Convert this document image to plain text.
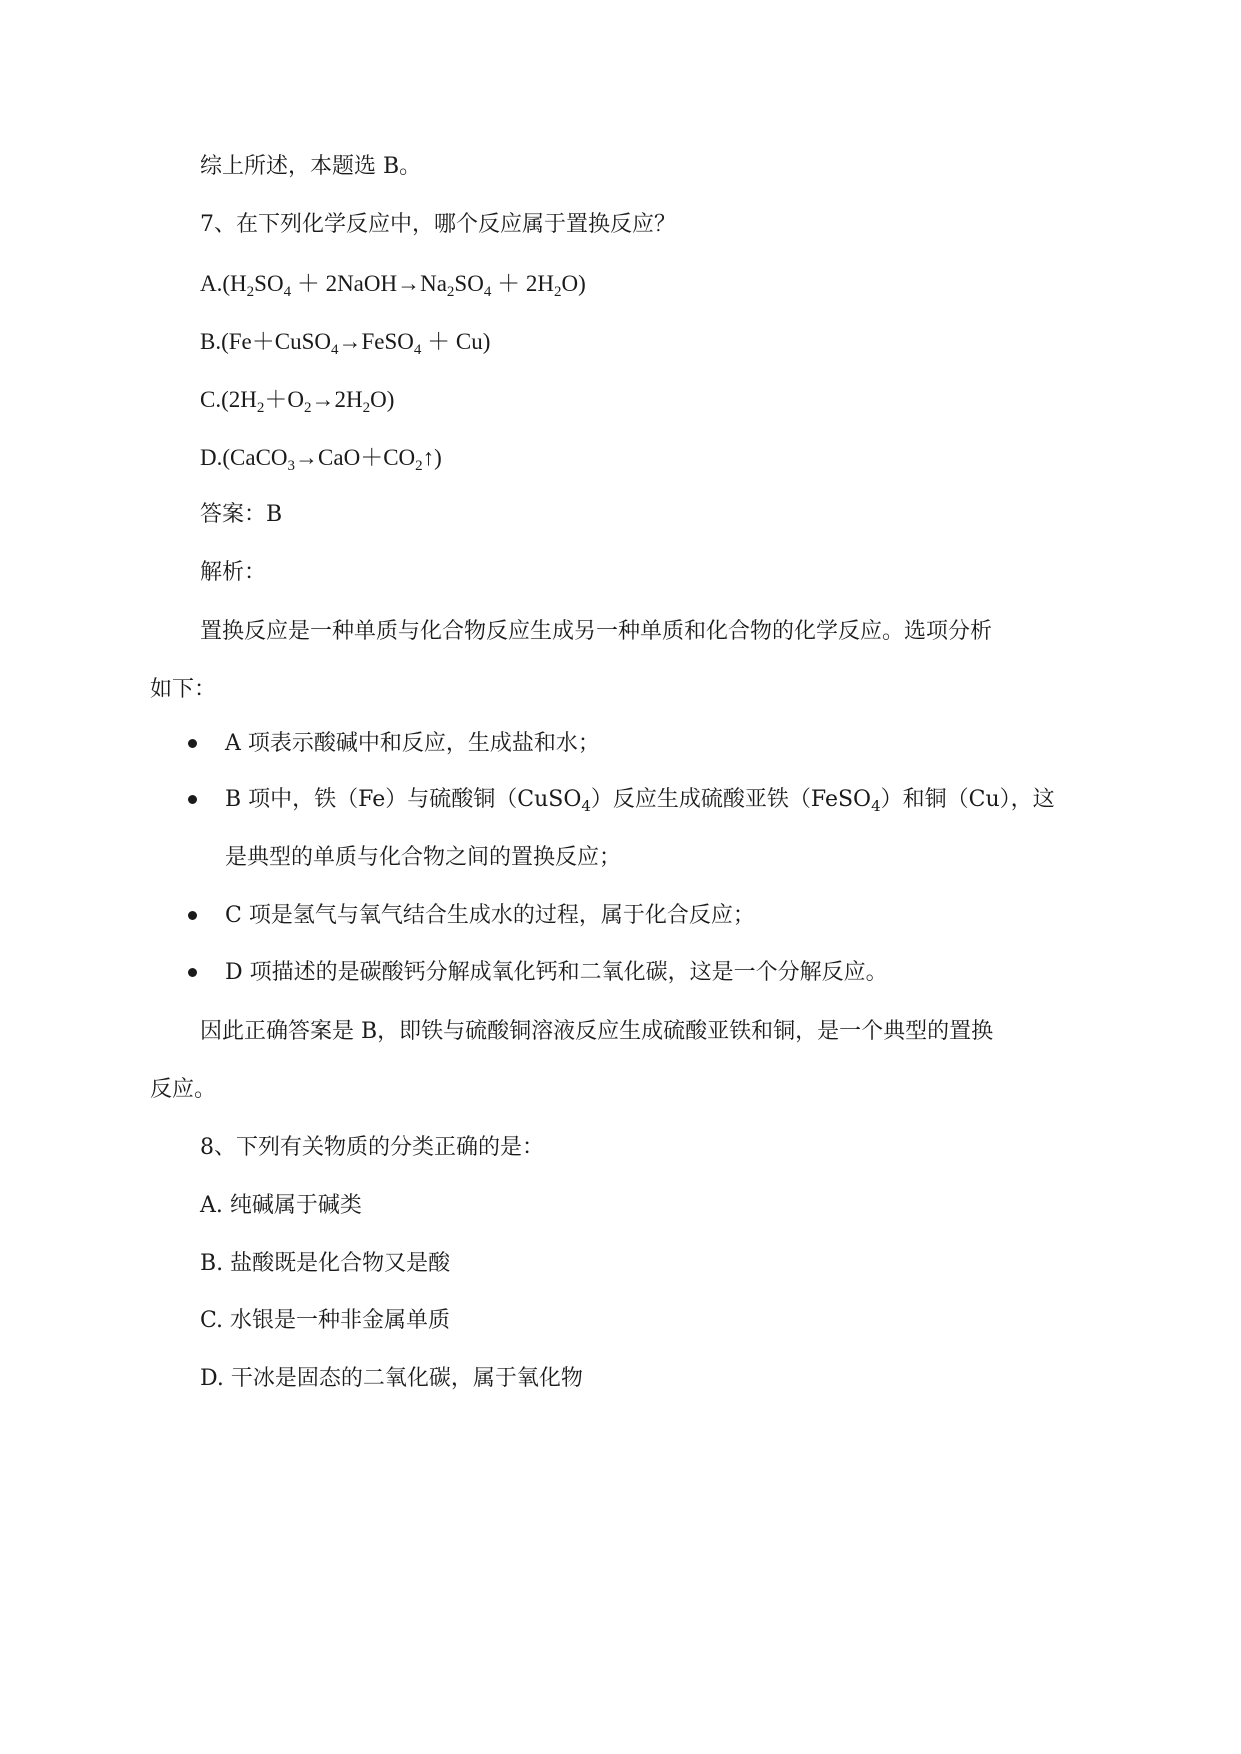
综上所述，本题选 B。
7、在下列化学反应中，哪个反应属于置换反应？
$A.(H_2SO_4$ ＋ $2NaOH\to Na_2SO_4 + 2H_2O$)
B.(Fe＋CuSO$_4$→FeSO$_4$ ＋ Cu)
$C.(2H_2+O_2\to 2H_2O)$
$D.(CaCO_3\to CaO+CO_2↑)$
答案：B
解析：
置换反应是一种单质与化合物反应生成另一种单质和化合物的化学反应。选项分析
如下：
A 项表示酸碱中和反应，生成盐和水；
B 项中，铁（Fe）与硫酸铜（CuSO$_4$）反应生成硫酸亚铁（FeSO$_4$）和铜（Cu），这
是典型的单质与化合物之间的置换反应；
C 项是氢气与氧气结合生成水的过程，属于化合反应；
D 项描述的是碳酸钙分解成氧化钙和二氧化碳，这是一个分解反应。
因此正确答案是 B，即铁与硫酸铜溶液反应生成硫酸亚铁和铜，是一个典型的置换
反应。
8、下列有关物质的分类正确的是：
A. 纯碱属于碱类
B. 盐酸既是化合物又是酸
C. 水银是一种非金属单质
D. 干冰是固态的二氧化碳，属于氧化物
